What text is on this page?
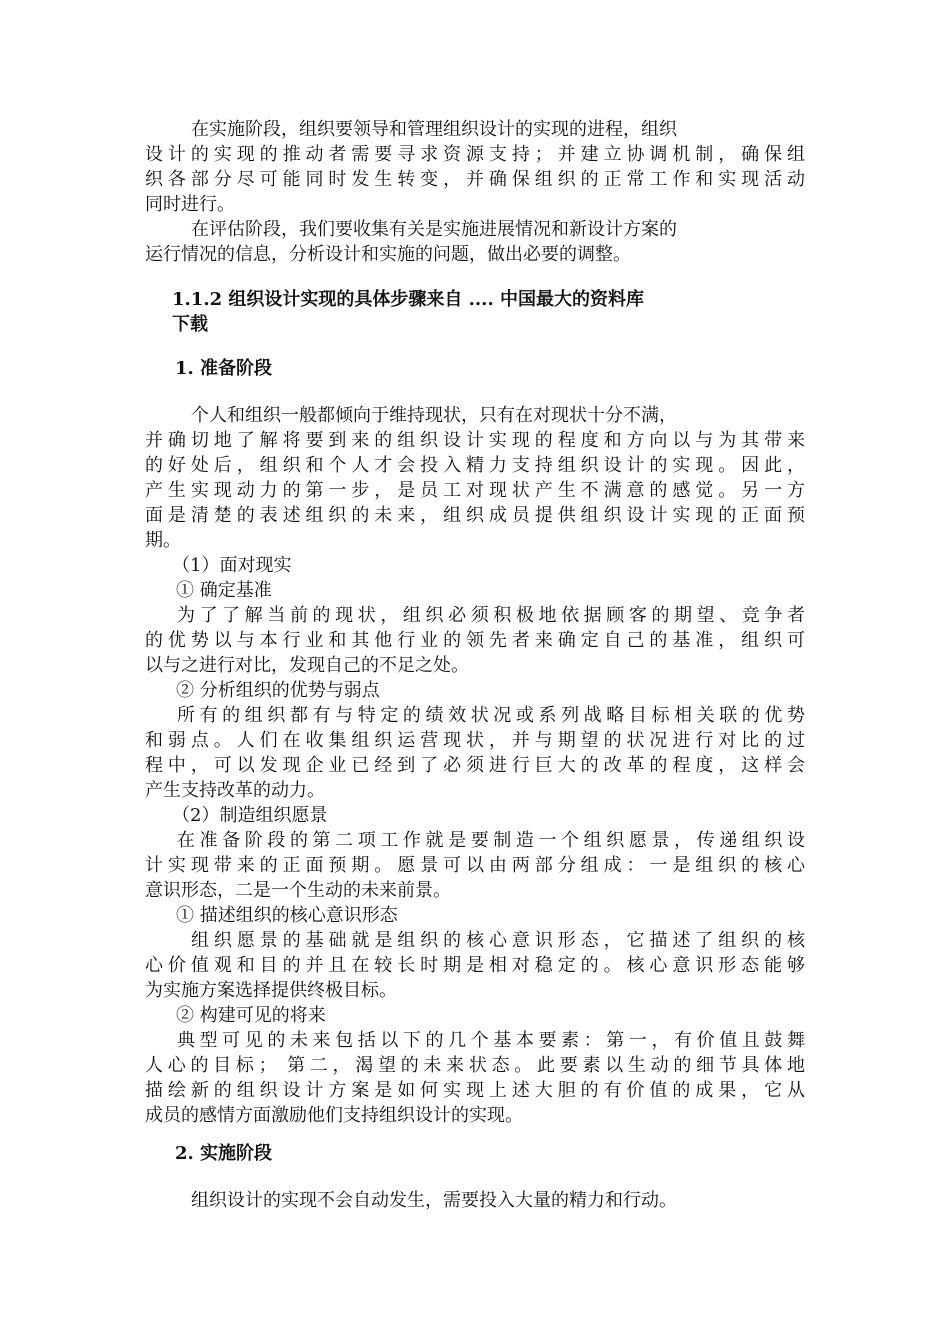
在实施阶段，组织要领导和管理组织设计的实现的进程，组织
设计的实现的推动者需要寻求资源支持；并建立协调机制，确保组
织各部分尽可能同时发生转变，并确保组织的正常工作和实现活动
同时进行。
在评估阶段，我们要收集有关是实施进展情况和新设计方案的
运行情况的信息，分析设计和实施的问题，做出必要的调整。
1.1.2 组织设计实现的具体步骤来自 .... 中国最大的资料库
下载
1. 准备阶段
个人和组织一般都倾向于维持现状，只有在对现状十分不满，
并确切地了解将要到来的组织设计实现的程度和方向以与为其带来
的好处后，组织和个人才会投入精力支持组织设计的实现。因此，
产生实现动力的第一步，是员工对现状产生不满意的感觉。另一方
面是清楚的表述组织的未来，组织成员提供组织设计实现的正面预
期。
（1）面对现实
① 确定基准
为了了解当前的现状，组织必须积极地依据顾客的期望、竞争者
的优势以与本行业和其他行业的领先者来确定自己的基准，组织可
以与之进行对比，发现自己的不足之处。
② 分析组织的优势与弱点
所有的组织都有与特定的绩效状况或系列战略目标相关联的优势
和弱点。人们在收集组织运营现状，并与期望的状况进行对比的过
程中，可以发现企业已经到了必须进行巨大的改革的程度，这样会
产生支持改革的动力。
（2）制造组织愿景
在准备阶段的第二项工作就是要制造一个组织愿景，传递组织设
计实现带来的正面预期。愿景可以由两部分组成：一是组织的核心
意识形态，二是一个生动的未来前景。
① 描述组织的核心意识形态
组织愿景的基础就是组织的核心意识形态，它描述了组织的核
心价值观和目的并且在较长时期是相对稳定的。核心意识形态能够
为实施方案选择提供终极目标。
② 构建可见的将来
典型可见的未来包括以下的几个基本要素：第一，有价值且鼓舞
人心的目标； 第二，渴望的未来状态。此要素以生动的细节具体地
描绘新的组织设计方案是如何实现上述大胆的有价值的成果，它从
成员的感情方面激励他们支持组织设计的实现。
2. 实施阶段
组织设计的实现不会自动发生，需要投入大量的精力和行动。
